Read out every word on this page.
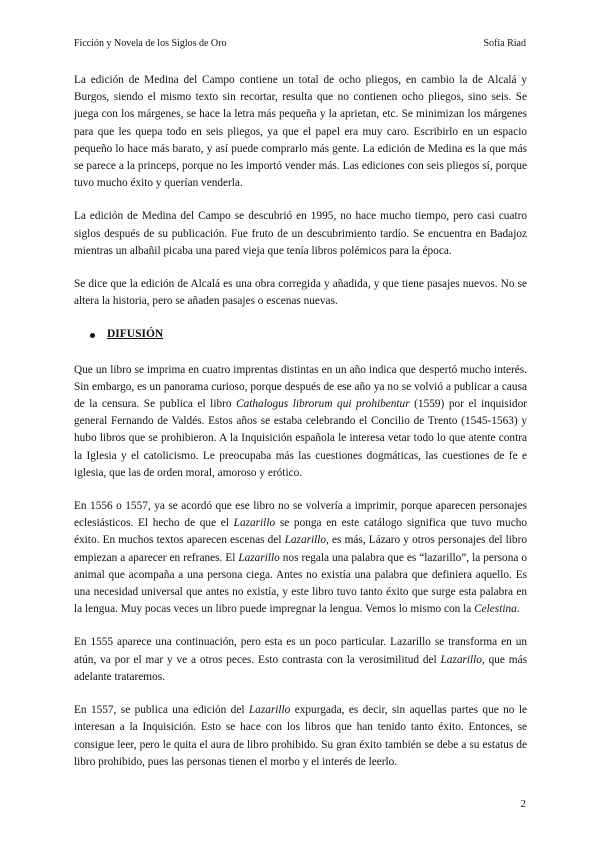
Ficción y Novela de los Siglos de Oro	Sofía Riad

La edición de Medina del Campo contiene un total de ocho pliegos, en cambio la de Alcalá y Burgos, siendo el mismo texto sin recortar, resulta que no contienen ocho pliegos, sino seis. Se juega con los márgenes, se hace la letra más pequeña y la aprietan, etc. Se minimizan los márgenes para que les quepa todo en seis pliegos, ya que el papel era muy caro. Escribirlo en un espacio pequeño lo hace más barato, y así puede comprarlo más gente. La edición de Medina es la que más se parece a la princeps, porque no les importó vender más. Las ediciones con seis pliegos sí, porque tuvo mucho éxito y querían venderla.

La edición de Medina del Campo se descubrió en 1995, no hace mucho tiempo, pero casi cuatro siglos después de su publicación. Fue fruto de un descubrimiento tardío. Se encuentra en Badajoz mientras un albañil picaba una pared vieja que tenía libros polémicos para la época.

Se dice que la edición de Alcalá es una obra corregida y añadida, y que tiene pasajes nuevos. No se altera la historia, pero se añaden pasajes o escenas nuevas.

DIFUSIÓN

Que un libro se imprima en cuatro imprentas distintas en un año indica que despertó mucho interés. Sin embargo, es un panorama curioso, porque después de ese año ya no se volvió a publicar a causa de la censura. Se publica el libro Cathalogus librorum qui prohibentur (1559) por el inquisidor general Fernando de Valdés. Estos años se estaba celebrando el Concilio de Trento (1545-1563) y hubo libros que se prohibieron. A la Inquisición española le interesa vetar todo lo que atente contra la Iglesia y el catolicismo. Le preocupaba más las cuestiones dogmáticas, las cuestiones de fe e iglesia, que las de orden moral, amoroso y erótico.

En 1556 o 1557, ya se acordó que ese libro no se volvería a imprimir, porque aparecen personajes eclesiásticos. El hecho de que el Lazarillo se ponga en este catálogo significa que tuvo mucho éxito. En muchos textos aparecen escenas del Lazarillo, es más, Lázaro y otros personajes del libro empiezan a aparecer en refranes. El Lazarillo nos regala una palabra que es “lazarillo”, la persona o animal que acompaña a una persona ciega. Antes no existía una palabra que definiera aquello. Es una necesidad universal que antes no existía, y este libro tuvo tanto éxito que surge esta palabra en la lengua. Muy pocas veces un libro puede impregnar la lengua. Vemos lo mismo con la Celestina.

En 1555 aparece una continuación, pero esta es un poco particular. Lazarillo se transforma en un atún, va por el mar y ve a otros peces. Esto contrasta con la verosimilitud del Lazarillo, que más adelante trataremos.

En 1557, se publica una edición del Lazarillo expurgada, es decir, sin aquellas partes que no le interesan a la Inquisición. Esto se hace con los libros que han tenido tanto éxito. Entonces, se consigue leer, pero le quita el aura de libro prohibido. Su gran éxito también se debe a su estatus de libro prohibido, pues las personas tienen el morbo y el interés de leerlo.

2
